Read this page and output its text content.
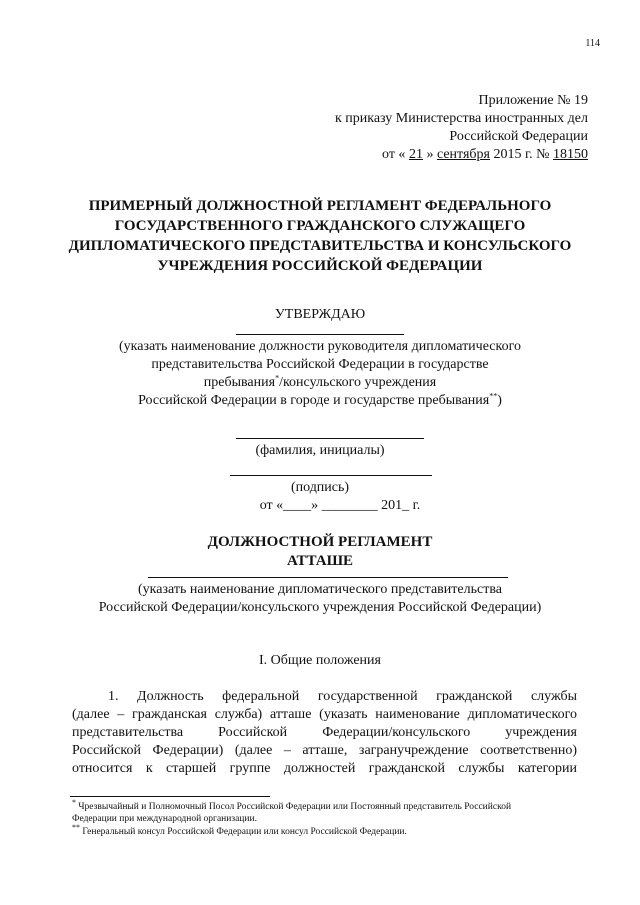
114
Приложение № 19
к приказу Министерства иностранных дел
Российской Федерации
от « 21 » сентября 2015 г. № 18150
ПРИМЕРНЫЙ ДОЛЖНОСТНОЙ РЕГЛАМЕНТ ФЕДЕРАЛЬНОГО
ГОСУДАРСТВЕННОГО ГРАЖДАНСКОГО СЛУЖАЩЕГО
ДИПЛОМАТИЧЕСКОГО ПРЕДСТАВИТЕЛЬСТВА И КОНСУЛЬСКОГО
УЧРЕЖДЕНИЯ РОССИЙСКОЙ ФЕДЕРАЦИИ
УТВЕРЖДАЮ
(указать наименование должности руководителя дипломатического
представительства Российской Федерации в государстве
пребывания*/консульского учреждения
Российской Федерации в городе и государстве пребывания**)
(фамилия, инициалы)
(подпись)
от «____» ________ 201_ г.
ДОЛЖНОСТНОЙ РЕГЛАМЕНТ
АТТАШЕ
(указать наименование дипломатического представительства
Российской Федерации/консульского учреждения Российской Федерации)
I. Общие положения
1. Должность федеральной государственной гражданской службы
(далее – гражданская служба) атташе (указать наименование дипломатического
представительства Российской Федерации/консульского учреждения
Российской Федерации) (далее – атташе, загранучреждение соответственно)
относится к старшей группе должностей гражданской службы категории
* Чрезвычайный и Полномочный Посол Российской Федерации или Постоянный представитель Российской
Федерации при международной организации.
** Генеральный консул Российской Федерации или консул Российской Федерации.
